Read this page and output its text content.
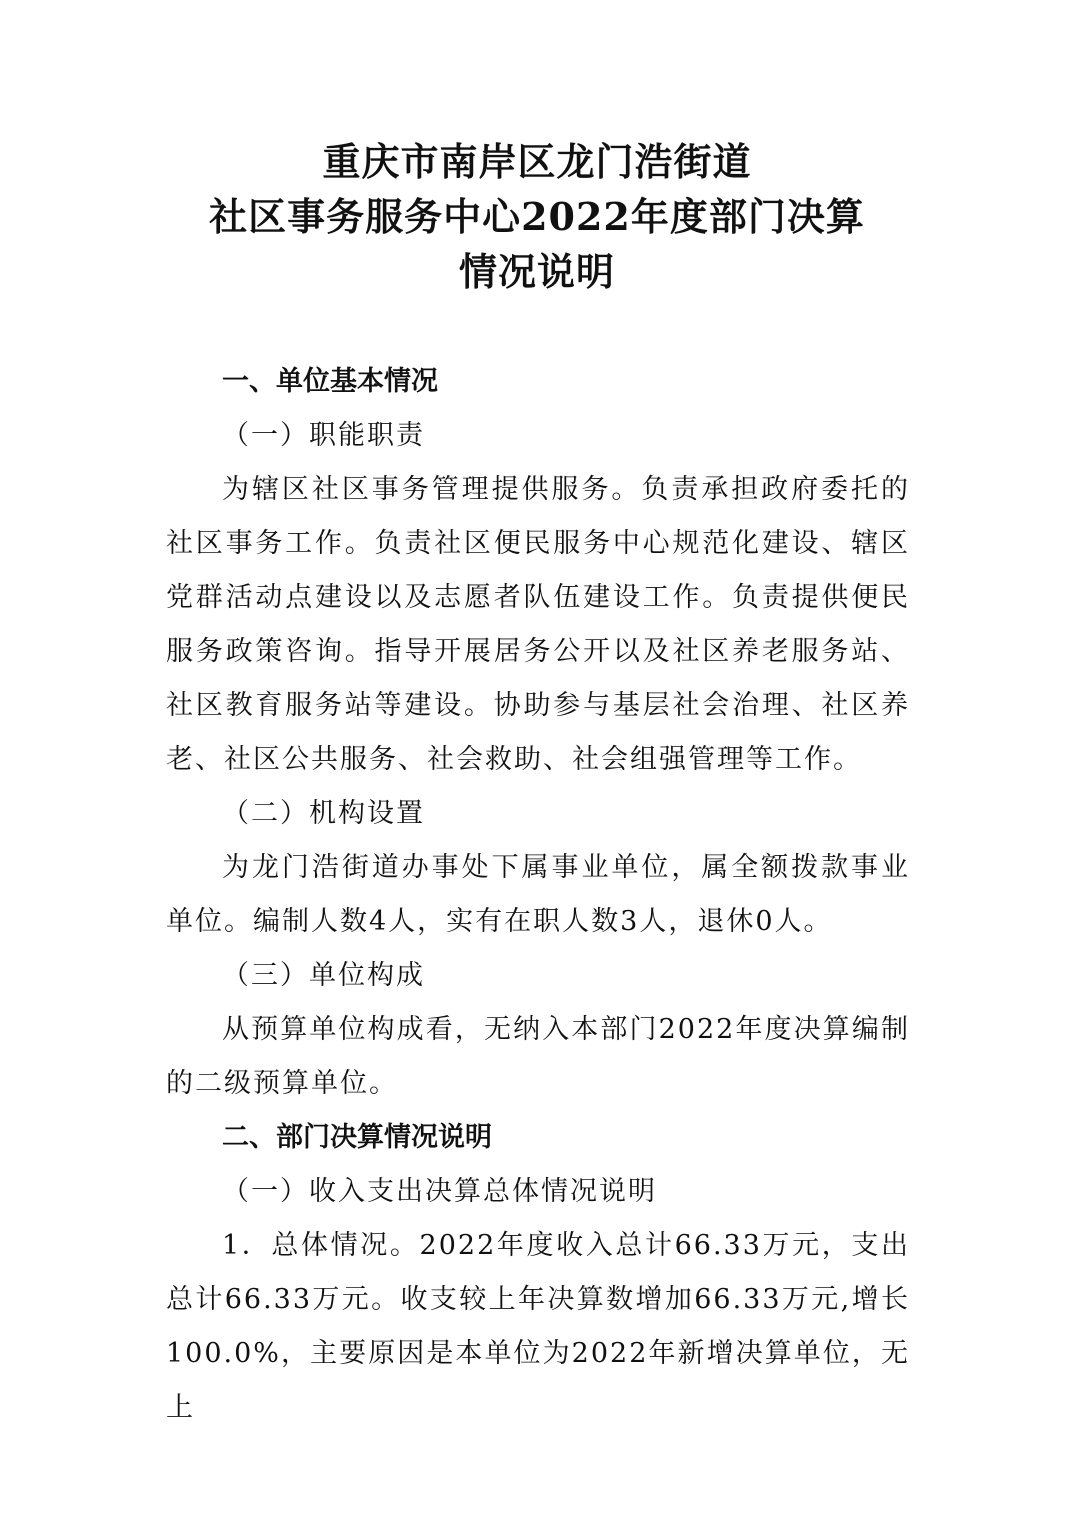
重庆市南岸区龙门浩街道
社区事务服务中心2022年度部门决算
情况说明
一、单位基本情况
（一）职能职责
为辖区社区事务管理提供服务。负责承担政府委托的社区事务工作。负责社区便民服务中心规范化建设、辖区党群活动点建设以及志愿者队伍建设工作。负责提供便民服务政策咨询。指导开展居务公开以及社区养老服务站、社区教育服务站等建设。协助参与基层社会治理、社区养老、社区公共服务、社会救助、社会组强管理等工作。
（二）机构设置
为龙门浩街道办事处下属事业单位，属全额拨款事业单位。编制人数4人，实有在职人数3人，退休0人。
（三）单位构成
从预算单位构成看，无纳入本部门2022年度决算编制的二级预算单位。
二、部门决算情况说明
（一）收入支出决算总体情况说明
1．总体情况。2022年度收入总计66.33万元，支出总计66.33万元。收支较上年决算数增加66.33万元,增长100.0%，主要原因是本单位为2022年新增决算单位，无上
